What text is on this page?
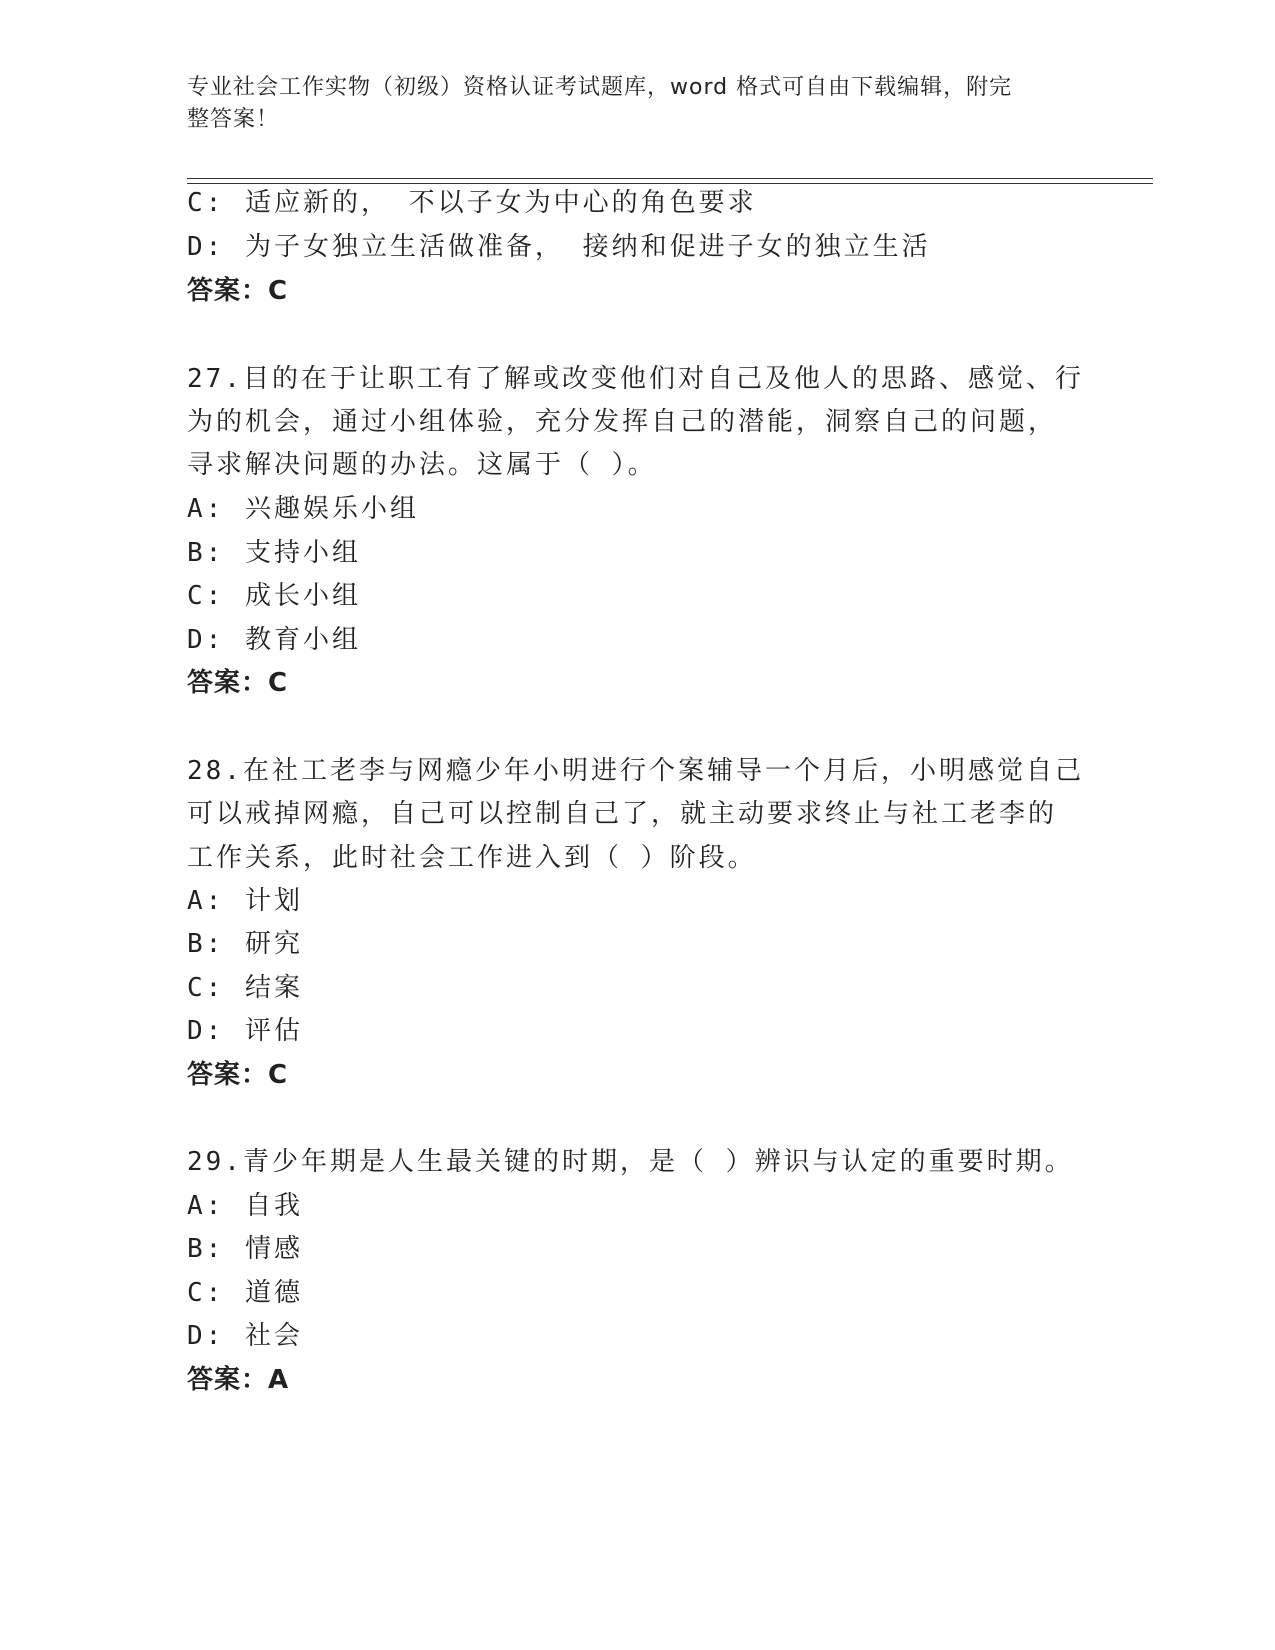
专业社会工作实物（初级）资格认证考试题库，word 格式可自由下载编辑，附完
整答案！
C: 适应新的， 不以子女为中心的角色要求
D: 为子女独立生活做准备， 接纳和促进子女的独立生活
答案：C
27.目的在于让职工有了解或改变他们对自己及他人的思路、感觉、行
为的机会，通过小组体验，充分发挥自己的潜能，洞察自己的问题，
寻求解决问题的办法。这属于（ ）。
A: 兴趣娱乐小组
B: 支持小组
C: 成长小组
D: 教育小组
答案：C
28.在社工老李与网瘾少年小明进行个案辅导一个月后，小明感觉自己
可以戒掉网瘾，自己可以控制自己了，就主动要求终止与社工老李的
工作关系，此时社会工作进入到（ ）阶段。
A: 计划
B: 研究
C: 结案
D: 评估
答案：C
29.青少年期是人生最关键的时期，是（ ）辨识与认定的重要时期。
A: 自我
B: 情感
C: 道德
D: 社会
答案：A
